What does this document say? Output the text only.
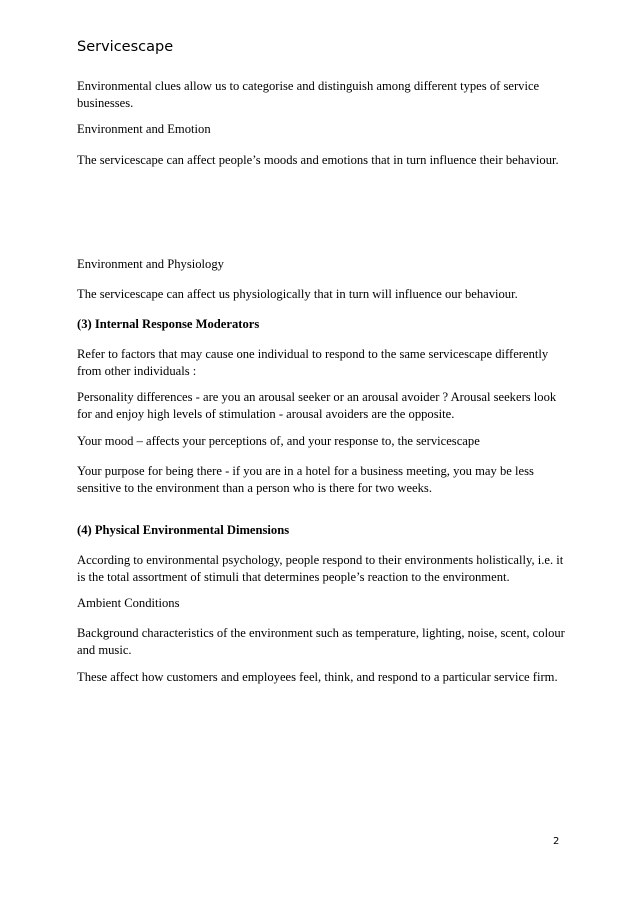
Servicescape

Environmental clues allow us to categorise and distinguish among different types of service businesses.

Environment and Emotion

The servicescape can affect people’s moods and emotions that in turn influence their behaviour.

Environment and Physiology

The servicescape can affect us physiologically that in turn will influence our behaviour.

(3) Internal Response Moderators

Refer to factors that may cause one individual to respond to the same servicescape differently from other individuals :

Personality differences - are you an arousal seeker or an arousal avoider ? Arousal seekers look for and enjoy high levels of stimulation - arousal avoiders are the opposite.

Your mood – affects your perceptions of, and your response to, the servicescape

Your purpose for being there - if you are in a hotel for a business meeting, you may be less sensitive to the environment than a person who is there for two weeks.

(4) Physical Environmental Dimensions

According to environmental psychology, people respond to their environments holistically, i.e. it is the total assortment of stimuli that determines people’s reaction to the environment.

Ambient Conditions

Background characteristics of the environment such as temperature, lighting, noise, scent, colour and music.

These affect how customers and employees feel, think, and respond to a particular service firm.

2
